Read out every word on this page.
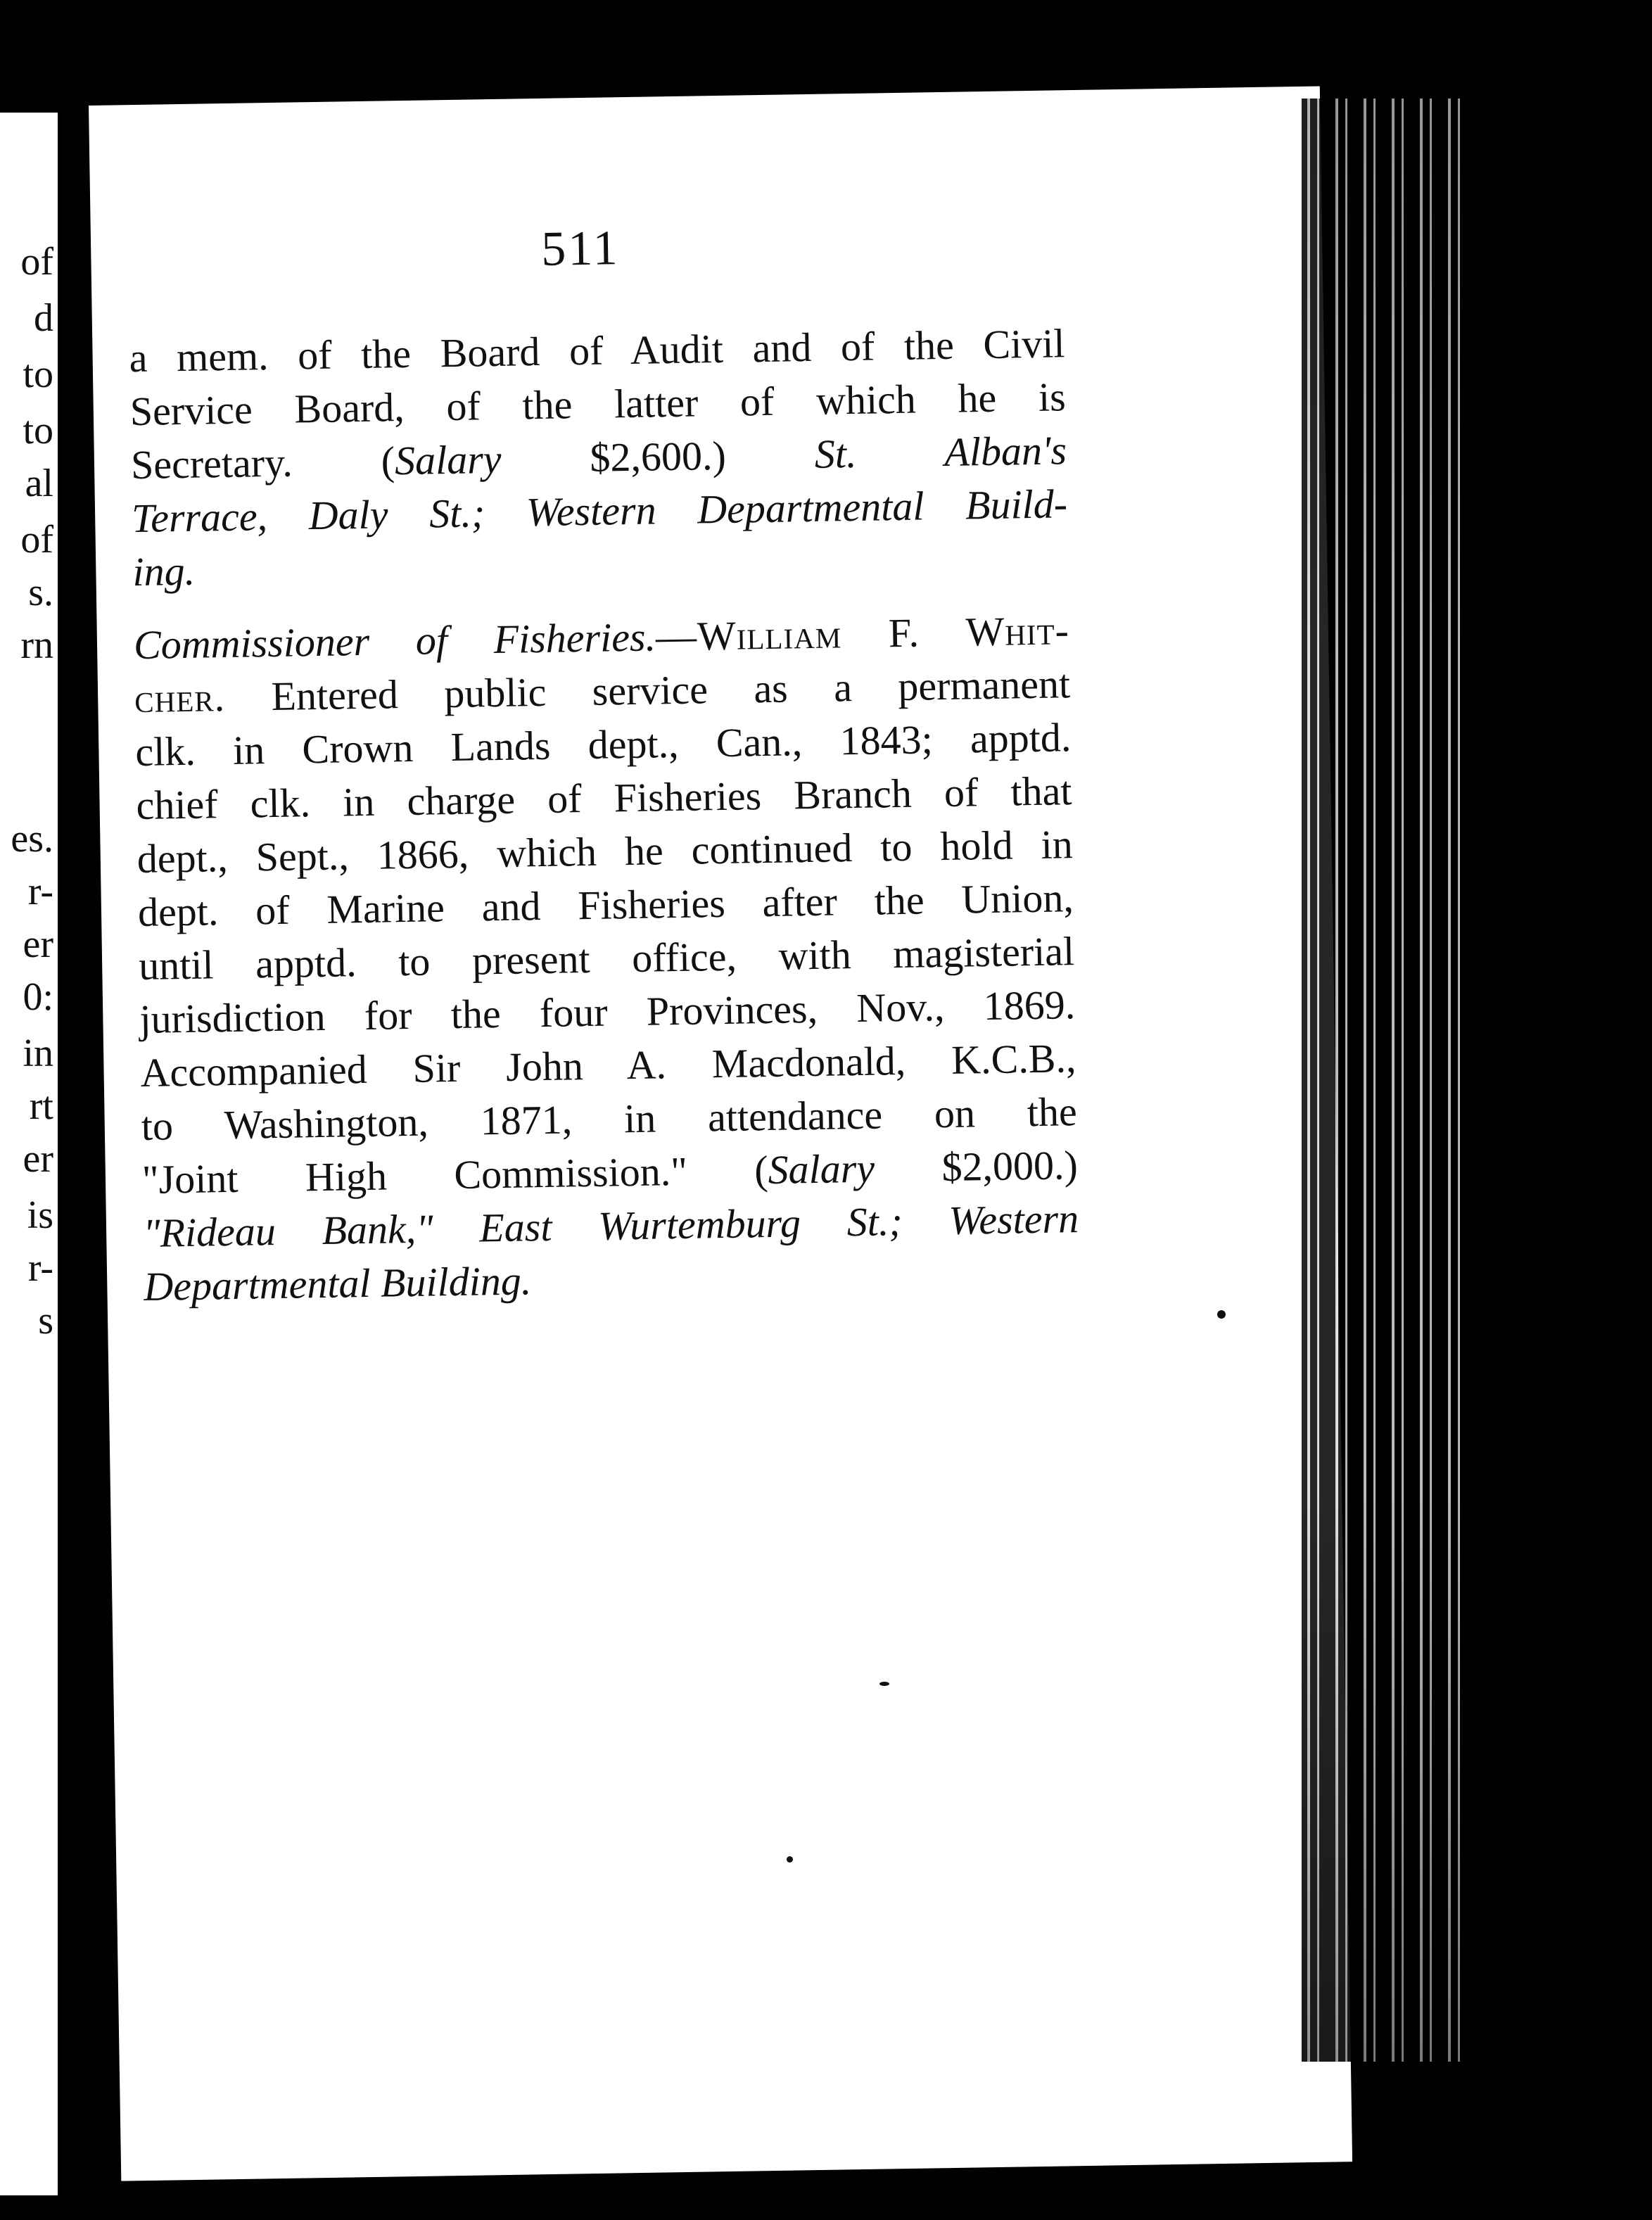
of
d
to
to
al
of
s.
rn
es.
r-
er
0:
in
rt
er
is
r-
s
511
a mem. of the Board of Audit and of the Civil
Service Board, of the latter of which he is
Secretary. (Salary $2,600.) St. Alban's
Terrace, Daly St.; Western Departmental Build-
ing.
Commissioner of Fisheries.—William F. Whit-
cher. Entered public service as a permanent
clk. in Crown Lands dept., Can., 1843; apptd.
chief clk. in charge of Fisheries Branch of that
dept., Sept., 1866, which he continued to hold in
dept. of Marine and Fisheries after the Union,
until apptd. to present office, with magisterial
jurisdiction for the four Provinces, Nov., 1869.
Accompanied Sir John A. Macdonald, K.C.B.,
to Washington, 1871, in attendance on the
"Joint High Commission." (Salary $2,000.)
"Rideau Bank," East Wurtemburg St.; Western
Departmental Building.
